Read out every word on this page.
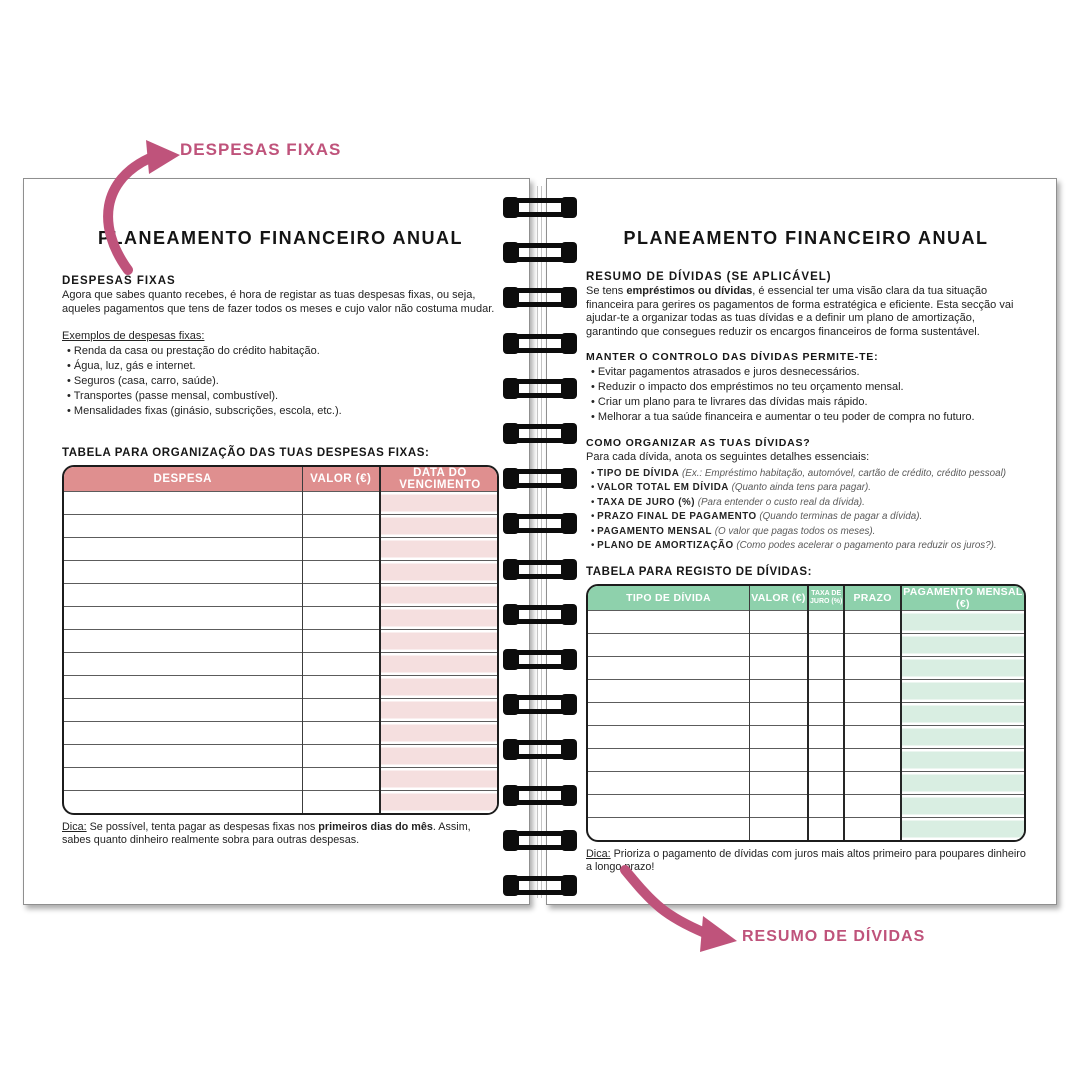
DESPESAS FIXAS
PLANEAMENTO FINANCEIRO ANUAL
DESPESAS FIXAS

Agora que sabes quanto recebes, é hora de registar as tuas despesas fixas, ou seja, aqueles pagamentos que tens de fazer todos os meses e cujo valor não costuma mudar.

Exemplos de despesas fixas:

• Renda da casa ou prestação do crédito habitação.
• Água, luz, gás e internet.
• Seguros (casa, carro, saúde).
• Transportes (passe mensal, combustível).
• Mensalidades fixas (ginásio, subscrições, escola, etc.).
TABELA PARA ORGANIZAÇÃO DAS TUAS DESPESAS FIXAS:
DESPESA	VALOR (€)	DATA DO VENCIMENTO

Dica: Se possível, tenta pagar as despesas fixas nos primeiros dias do mês. Assim, sabes quanto dinheiro realmente sobra para outras despesas.

PLANEAMENTO FINANCEIRO ANUAL
RESUMO DE DÍVIDAS (SE APLICÁVEL)

Se tens empréstimos ou dívidas, é essencial ter uma visão clara da tua situação financeira para gerires os pagamentos de forma estratégica e eficiente. Esta secção vai ajudar-te a organizar todas as tuas dívidas e a definir um plano de amortização, garantindo que consegues reduzir os encargos financeiros de forma sustentável.

MANTER O CONTROLO DAS DÍVIDAS PERMITE-TE:
• Evitar pagamentos atrasados e juros desnecessários.
• Reduzir o impacto dos empréstimos no teu orçamento mensal.
• Criar um plano para te livrares das dívidas mais rápido.
• Melhorar a tua saúde financeira e aumentar o teu poder de compra no futuro.
COMO ORGANIZAR AS TUAS DÍVIDAS?

Para cada dívida, anota os seguintes detalhes essenciais:

• TIPO DE DÍVIDA (Ex.: Empréstimo habitação, automóvel, cartão de crédito, crédito pessoal)
• VALOR TOTAL EM DÍVIDA (Quanto ainda tens para pagar).
• TAXA DE JURO (%) (Para entender o custo real da dívida).
• PRAZO FINAL DE PAGAMENTO (Quando terminas de pagar a dívida).
• PAGAMENTO MENSAL (O valor que pagas todos os meses).
• PLANO DE AMORTIZAÇÃO (Como podes acelerar o pagamento para reduzir os juros?).
TABELA PARA REGISTO DE DÍVIDAS:
TIPO DE DÍVIDA	VALOR (€)	TAXA DE JURO (%)	PRAZO	PAGAMENTO MENSAL (€)

Dica: Prioriza o pagamento de dívidas com juros mais altos primeiro para poupares dinheiro a longo prazo!

RESUMO DE DÍVIDAS
